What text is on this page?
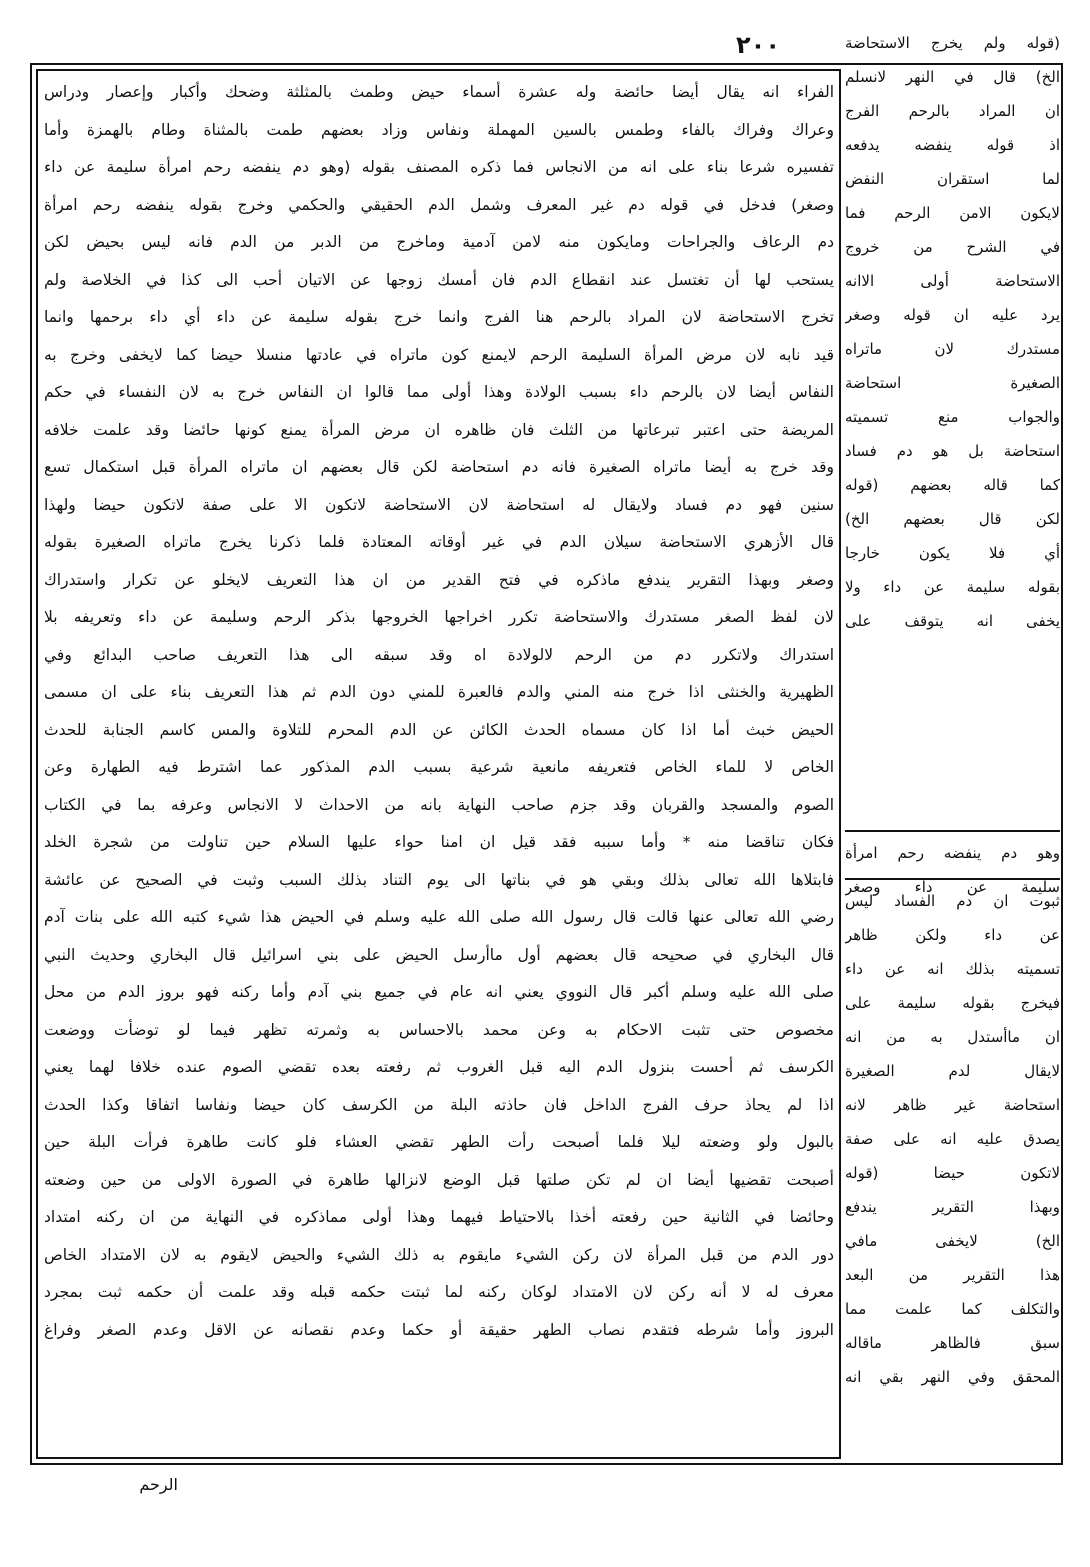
٢٠٠
الفراء انه يقال أيضا حائضة وله عشرة أسماء حيض وطمث بالمثلثة وضحك وأكبار وإعصار ودراس
وعراك وفراك بالفاء وطمس بالسين المهملة ونفاس وزاد بعضهم طمت بالمثناة وطام بالهمزة وأما
تفسيره شرعا بناء على انه من الانجاس فما ذكره المصنف بقوله (وهو دم ينفضه رحم امرأة سليمة عن داء
وصغر) فدخل في قوله دم غير المعرف وشمل الدم الحقيقي والحكمي وخرج بقوله ينفضه رحم امرأة
دم الرعاف والجراحات ومايكون منه لامن آدمية وماخرج من الدبر من الدم فانه ليس بحيض لكن
يستحب لها أن تغتسل عند انقطاع الدم فان أمسك زوجها عن الاتيان أحب الى كذا في الخلاصة ولم
تخرج الاستحاضة لان المراد بالرحم هنا الفرج وانما خرج بقوله سليمة عن داء أي داء برحمها وانما
قيد نابه لان مرض المرأة السليمة الرحم لايمنع كون ماتراه في عادتها منسلا حيضا كما لايخفى وخرج به
النفاس أيضا لان بالرحم داء بسبب الولادة وهذا أولى مما قالوا ان النفاس خرج به لان النفساء في حكم
المريضة حتى اعتبر تبرعاتها من الثلث فان ظاهره ان مرض المرأة يمنع كونها حائضا وقد علمت خلافه
وقد خرج به أيضا ماتراه الصغيرة فانه دم استحاضة لكن قال بعضهم ان ماتراه المرأة قبل استكمال تسع
سنين فهو دم فساد ولايقال له استحاضة لان الاستحاضة لاتكون الا على صفة لاتكون حيضا ولهذا
قال الأزهري الاستحاضة سيلان الدم في غير أوقاته المعتادة فلما ذكرنا يخرج ماتراه الصغيرة بقوله
وصغر وبهذا التقرير يندفع ماذكره في فتح القدير من ان هذا التعريف لايخلو عن تكرار واستدراك
لان لفظ الصغر مستدرك والاستحاضة تكرر اخراجها الخروجها بذكر الرحم وسليمة عن داء وتعريفه بلا
استدراك ولاتكرر دم من الرحم لالولادة اه وقد سبقه الى هذا التعريف صاحب البدائع وفي
الظهيرية والخنثى اذا خرج منه المني والدم فالعبرة للمني دون الدم ثم هذا التعريف بناء على ان مسمى
الحيض خبث أما اذا كان مسماه الحدث الكائن عن الدم المحرم للتلاوة والمس كاسم الجنابة للحدث
الخاص لا للماء الخاص فتعريفه مانعية شرعية بسبب الدم المذكور عما اشترط فيه الطهارة وعن
الصوم والمسجد والقربان وقد جزم صاحب النهاية بانه من الاحداث لا الانجاس وعرفه بما في الكتاب
فكان تناقضا منه * وأما سببه فقد قيل ان امنا حواء عليها السلام حين تناولت من شجرة الخلد
فابتلاها الله تعالى بذلك وبقي هو في بناتها الى يوم التناد بذلك السبب وثبت في الصحيح عن عائشة
رضي الله تعالى عنها قالت قال رسول الله صلى الله عليه وسلم في الحيض هذا شيء كتبه الله على بنات آدم
قال البخاري في صحيحه قال بعضهم أول ماأرسل الحيض على بني اسرائيل قال البخاري وحديث النبي
صلى الله عليه وسلم أكبر قال النووي يعني انه عام في جميع بني آدم وأما ركنه فهو بروز الدم من محل
مخصوص حتى تثبت الاحكام به وعن محمد بالاحساس به وثمرته تظهر فيما لو توضأت ووضعت
الكرسف ثم أحست بنزول الدم اليه قبل الغروب ثم رفعته بعده تقضي الصوم عنده خلافا لهما يعني
اذا لم يحاذ حرف الفرج الداخل فان حاذته البلة من الكرسف كان حيضا ونفاسا اتفاقا وكذا الحدث
بالبول ولو وضعته ليلا فلما أصبحت رأت الطهر تقضي العشاء فلو كانت طاهرة فرأت البلة حين
أصبحت تقضيها أيضا ان لم تكن صلتها قبل الوضع لانزالها طاهرة في الصورة الاولى من حين وضعته
وحائضا في الثانية حين رفعته أخذا بالاحتياط فيهما وهذا أولى مماذكره في النهاية من ان ركنه امتداد
دور الدم من قبل المرأة لان ركن الشيء مايقوم به ذلك الشيء والحيض لايقوم به لان الامتداد الخاص
معرف له لا أنه ركن لان الامتداد لوكان ركنه لما ثبتت حكمه قبله وقد علمت أن حكمه ثبت بمجرد
البروز وأما شرطه فتقدم نصاب الطهر حقيقة أو حكما وعدم نقصانه عن الاقل وعدم الصغر وفراغ
(قوله ولم يخرج الاستحاضة
الخ) قال في النهر لانسلم
ان المراد بالرحم الفرج
اذ قوله ينفضه يدفعه
لما استقران النفض
لايكون الامن الرحم فما
في الشرح من خروج
الاستحاضة أولى الاانه
يرد عليه ان قوله وصغر
مستدرك لان ماتراه
الصغيرة استحاضة
والجواب منع تسميته
استحاضة بل هو دم فساد
كما قاله بعضهم (قوله
لكن قال بعضهم الخ)
أي فلا يكون خارجا
بقوله سليمة عن داء ولا
يخفى انه يتوقف على
وهو دم ينفضه رحم امرأة
سليمة عن داء وصغر
ثبوت ان دم الفساد ليس
عن داء ولكن ظاهر
تسميته بذلك انه عن داء
فيخرج بقوله سليمة على
ان ماأستدل به من انه
لايقال لدم الصغيرة
استحاضة غير ظاهر لانه
يصدق عليه انه على صفة
لاتكون حيضا (قوله
وبهذا التقرير يندفع
الخ) لايخفى مافي
هذا التقرير من البعد
والتكلف كما علمت مما
سبق فالظاهر ماقاله
المحقق وفي النهر بقي انه
الرحم
